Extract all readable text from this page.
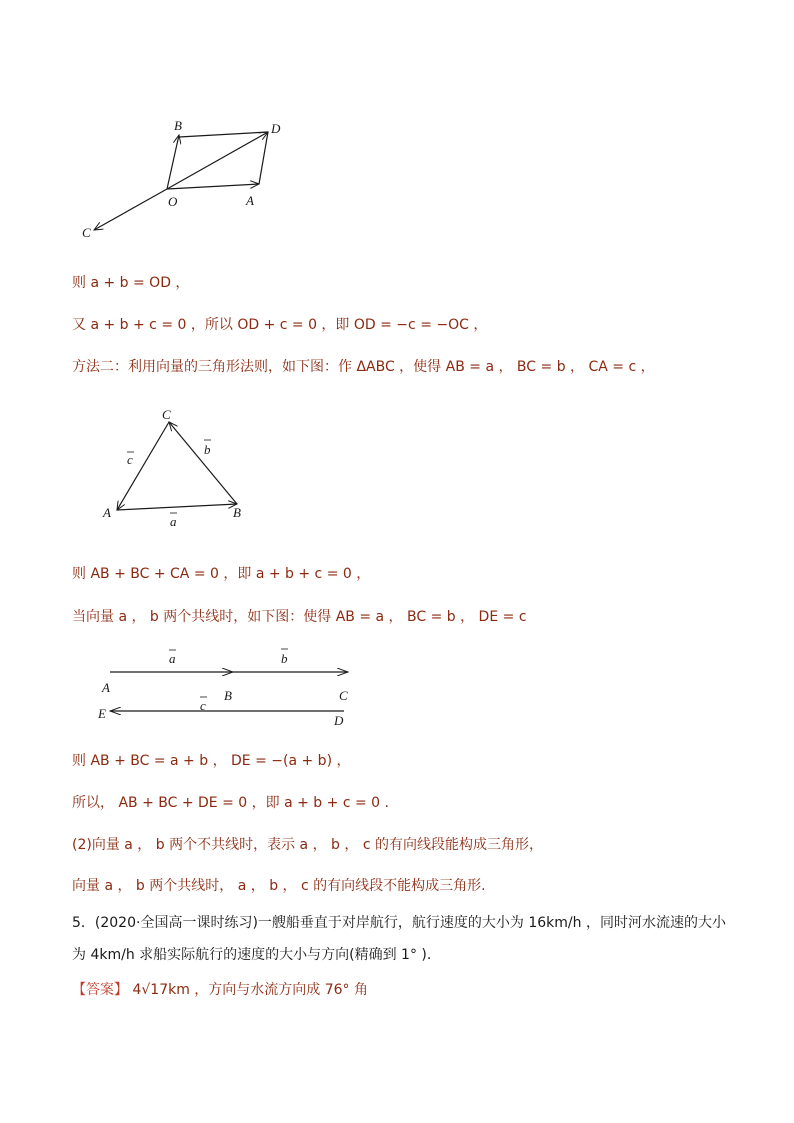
B	D
O	A
C
则 a + b = OD ，
又 a + b + c = 0 ，所以 OD + c = 0 ，即 OD = −c = −OC ，
方法二：利用向量的三角形法则，如下图：作 ΔABC ，使得 AB = a ， BC = b ， CA = c ，
C
A	B
c
b
a
则 AB + BC + CA = 0 ，即 a + b + c = 0 ，
当向量 a ， b 两个共线时，如下图：使得 AB = a ， BC = b ， DE = c
a	b
c
A
B	C
E	D
则 AB + BC = a + b ， DE = −(a + b) ，
所以， AB + BC + DE = 0 ，即 a + b + c = 0 .
(2)向量 a ， b 两个不共线时，表示 a ， b ， c 的有向线段能构成三角形，
向量 a ， b 两个共线时， a ， b ， c 的有向线段不能构成三角形.
5．(2020·全国高一课时练习)一艘船垂直于对岸航行，航行速度的大小为 16km/h ，同时河水流速的大小
为 4km/h 求船实际航行的速度的大小与方向(精确到 1° ).
【答案】 4√17km ，方向与水流方向成 76° 角
